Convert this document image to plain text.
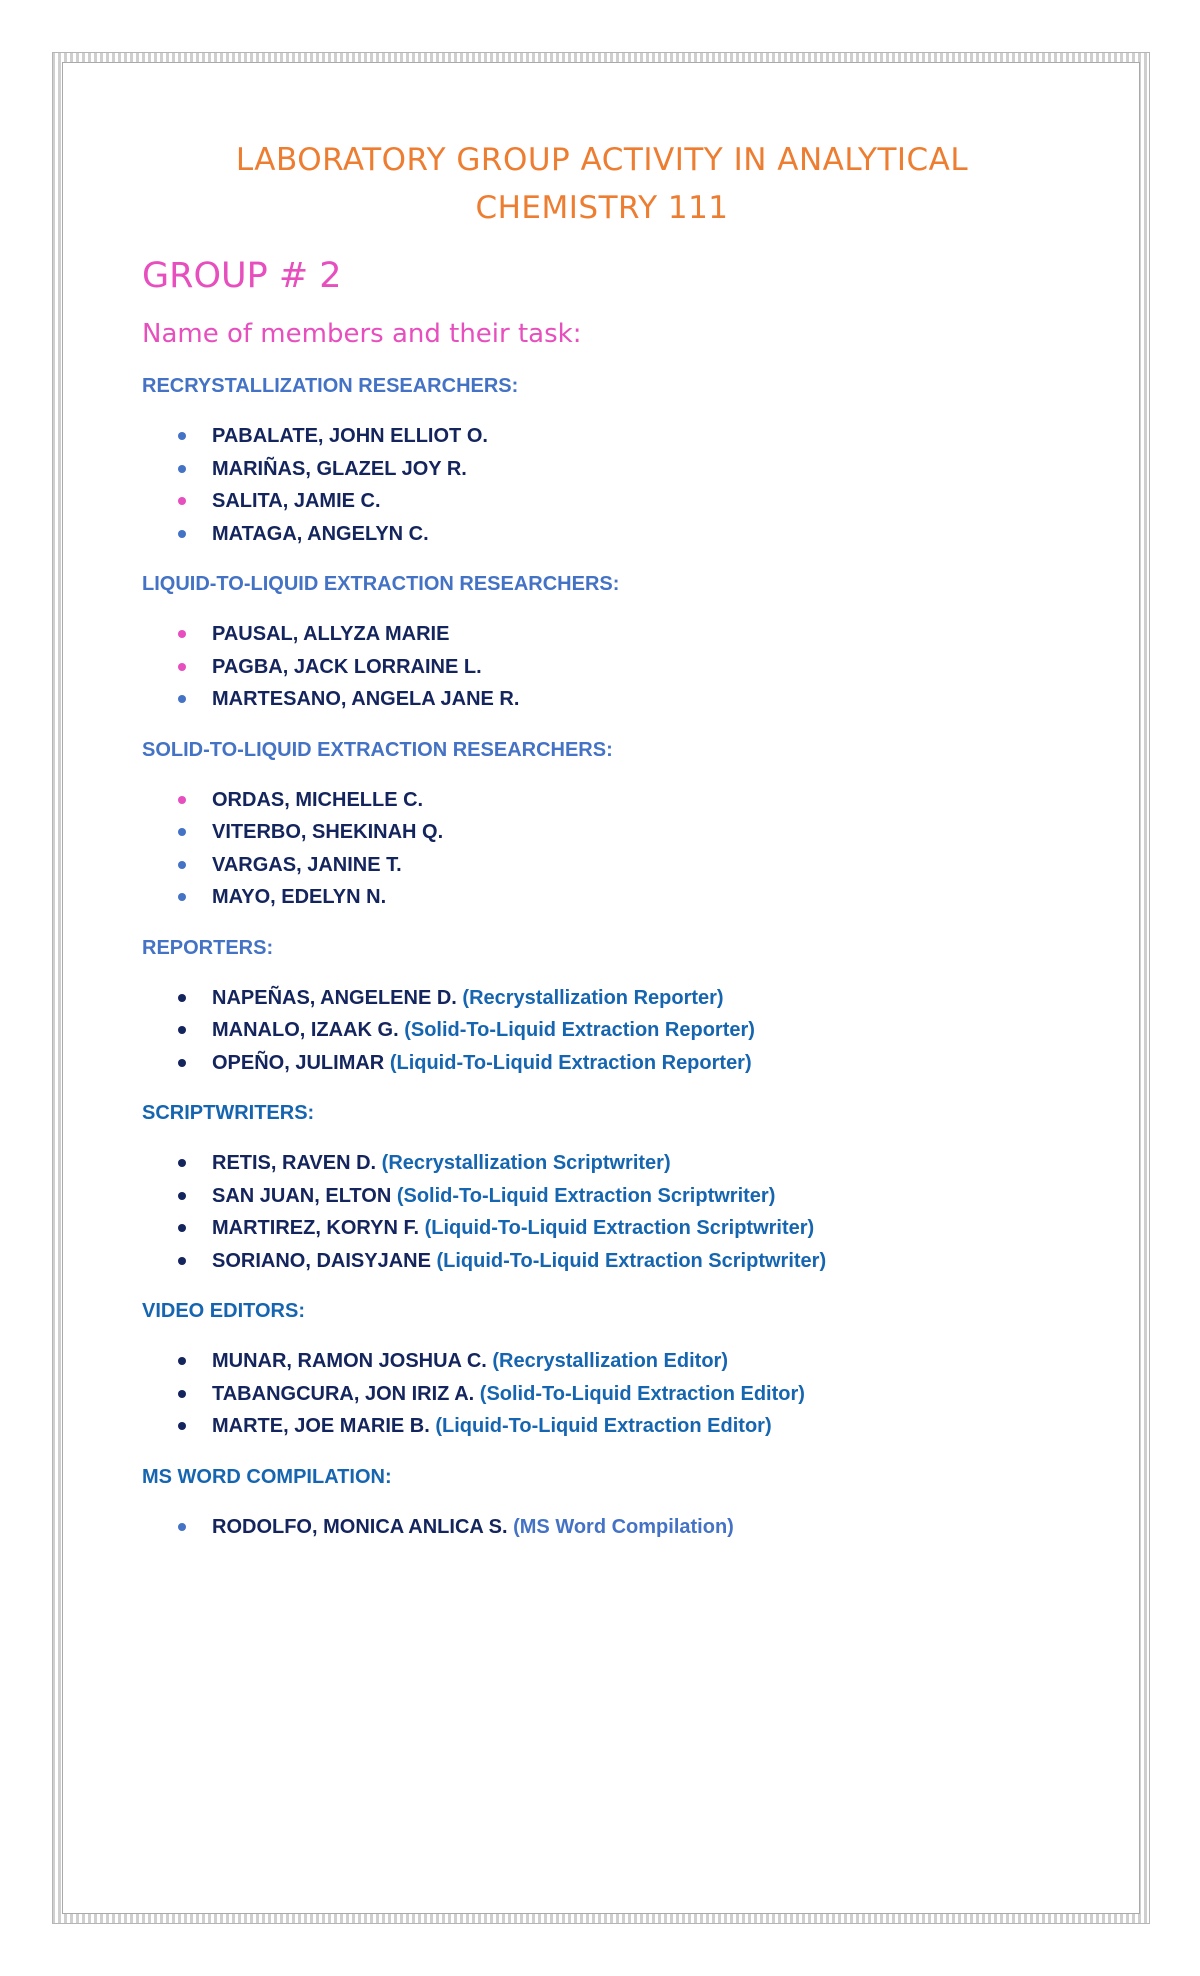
LABORATORY GROUP ACTIVITY IN ANALYTICAL CHEMISTRY 111
GROUP # 2
Name of members and their task:
RECRYSTALLIZATION RESEARCHERS:
PABALATE, JOHN ELLIOT O.
MARIÑAS, GLAZEL JOY R.
SALITA, JAMIE C.
MATAGA, ANGELYN C.
LIQUID-TO-LIQUID EXTRACTION RESEARCHERS:
PAUSAL, ALLYZA MARIE
PAGBA, JACK LORRAINE L.
MARTESANO, ANGELA JANE R.
SOLID-TO-LIQUID EXTRACTION RESEARCHERS:
ORDAS, MICHELLE C.
VITERBO, SHEKINAH Q.
VARGAS, JANINE T.
MAYO, EDELYN N.
REPORTERS:
NAPEÑAS, ANGELENE D. (Recrystallization Reporter)
MANALO, IZAAK G. (Solid-To-Liquid Extraction Reporter)
OPEÑO, JULIMAR (Liquid-To-Liquid Extraction Reporter)
SCRIPTWRITERS:
RETIS, RAVEN D. (Recrystallization Scriptwriter)
SAN JUAN, ELTON (Solid-To-Liquid Extraction Scriptwriter)
MARTIREZ, KORYN F. (Liquid-To-Liquid Extraction Scriptwriter)
SORIANO, DAISYJANE (Liquid-To-Liquid Extraction Scriptwriter)
VIDEO EDITORS:
MUNAR, RAMON JOSHUA C. (Recrystallization Editor)
TABANGCURA, JON IRIZ A. (Solid-To-Liquid Extraction Editor)
MARTE, JOE MARIE B. (Liquid-To-Liquid Extraction Editor)
MS WORD COMPILATION:
RODOLFO, MONICA ANLICA S. (MS Word Compilation)
